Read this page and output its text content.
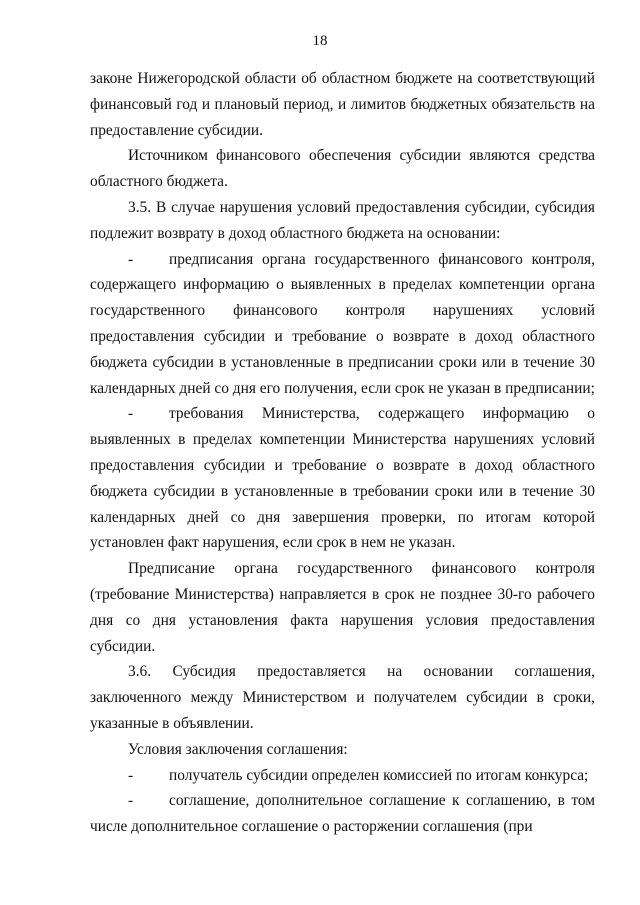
18

законе Нижегородской области об областном бюджете на соответствующий финансовый год и плановый период, и лимитов бюджетных обязательств на предоставление субсидии.

Источником финансового обеспечения субсидии являются средства областного бюджета.

3.5. В случае нарушения условий предоставления субсидии, субсидия подлежит возврату в доход областного бюджета на основании:

- предписания органа государственного финансового контроля, содержащего информацию о выявленных в пределах компетенции органа государственного финансового контроля нарушениях условий предоставления субсидии и требование о возврате в доход областного бюджета субсидии в установленные в предписании сроки или в течение 30 календарных дней со дня его получения, если срок не указан в предписании;

- требования Министерства, содержащего информацию о выявленных в пределах компетенции Министерства нарушениях условий предоставления субсидии и требование о возврате в доход областного бюджета субсидии в установленные в требовании сроки или в течение 30 календарных дней со дня завершения проверки, по итогам которой установлен факт нарушения, если срок в нем не указан.

Предписание органа государственного финансового контроля (требование Министерства) направляется в срок не позднее 30-го рабочего дня со дня установления факта нарушения условия предоставления субсидии.

3.6. Субсидия предоставляется на основании соглашения, заключенного между Министерством и получателем субсидии в сроки, указанные в объявлении.

Условия заключения соглашения:

- получатель субсидии определен комиссией по итогам конкурса;

- соглашение, дополнительное соглашение к соглашению, в том числе дополнительное соглашение о расторжении соглашения (при
